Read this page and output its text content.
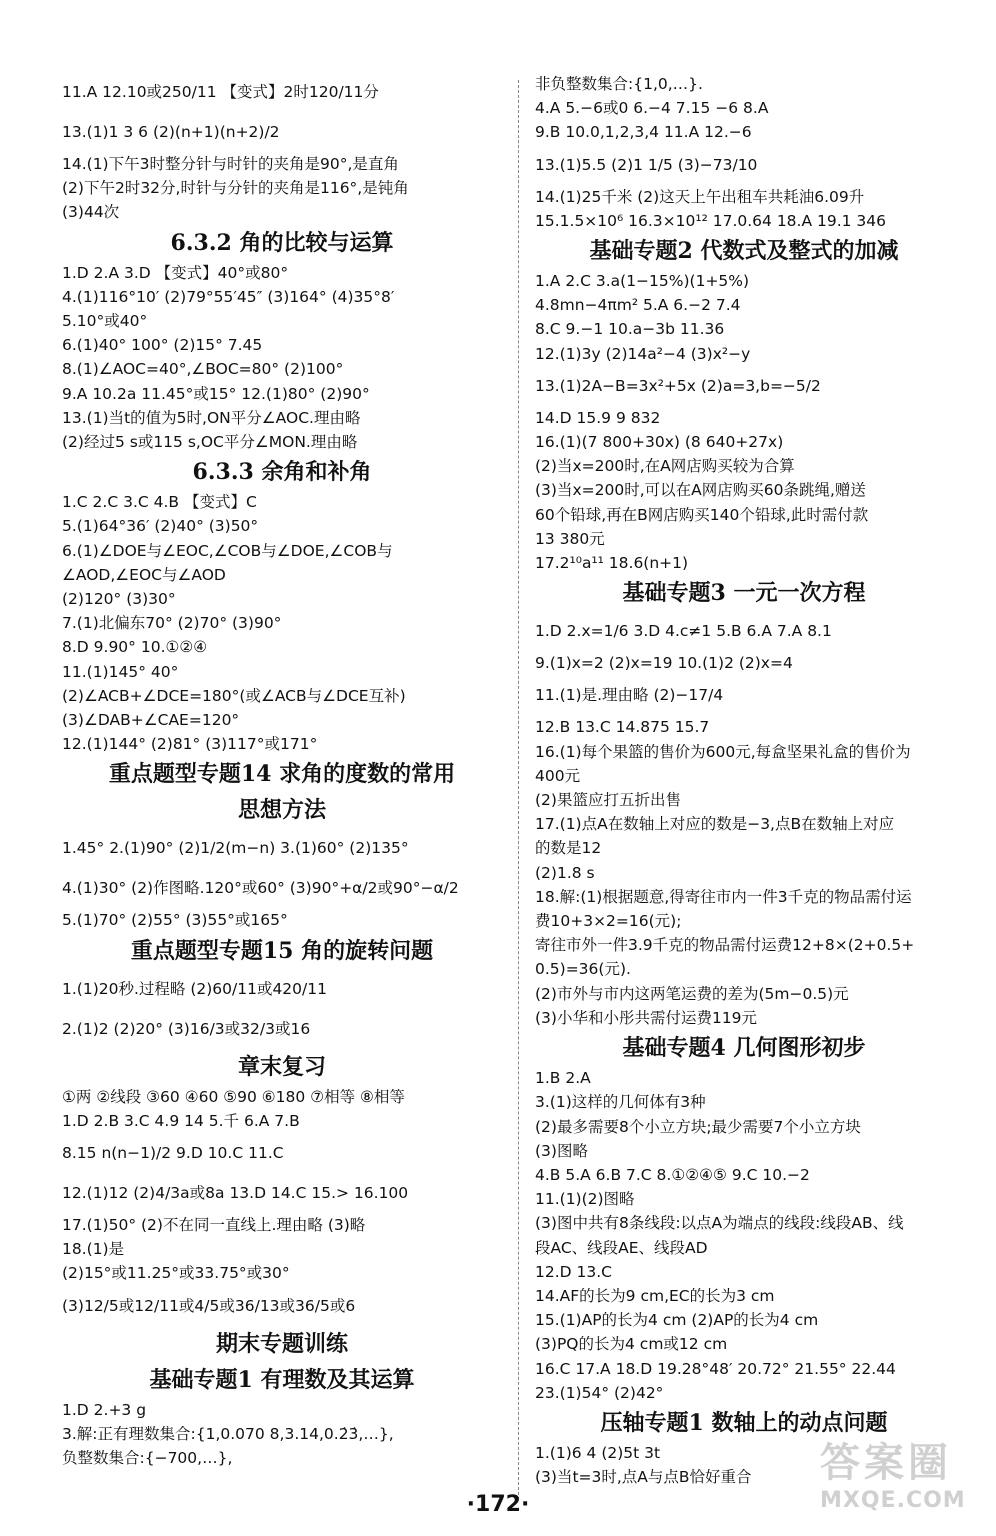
11.A 12.10或250/11 【变式】2时120/11分
13.(1)1 3 6 (2)(n+1)(n+2)/2
14.(1)下午3时整分针与时针的夹角是90°,是直角
(2)下午2时32分,时针与分针的夹角是116°,是钝角
(3)44次
6.3.2 角的比较与运算
1.D 2.A 3.D 【变式】40°或80°
4.(1)116°10′ (2)79°55′45″ (3)164° (4)35°8′
5.10°或40°
6.(1)40° 100° (2)15° 7.45
8.(1)∠AOC=40°,∠BOC=80° (2)100°
9.A 10.2a 11.45°或15° 12.(1)80° (2)90°
13.(1)当t的值为5时,ON平分∠AOC.理由略
(2)经过5 s或115 s,OC平分∠MON.理由略
6.3.3 余角和补角
1.C 2.C 3.C 4.B 【变式】C
5.(1)64°36′ (2)40° (3)50°
6.(1)∠DOE与∠EOC,∠COB与∠DOE,∠COB与
∠AOD,∠EOC与∠AOD
(2)120° (3)30°
7.(1)北偏东70° (2)70° (3)90°
8.D 9.90° 10.①②④
11.(1)145° 40°
(2)∠ACB+∠DCE=180°(或∠ACB与∠DCE互补)
(3)∠DAB+∠CAE=120°
12.(1)144° (2)81° (3)117°或171°
重点题型专题14 求角的度数的常用
思想方法
1.45° 2.(1)90° (2)1/2(m−n) 3.(1)60° (2)135°
4.(1)30° (2)作图略.120°或60° (3)90°+α/2或90°−α/2
5.(1)70° (2)55° (3)55°或165°
重点题型专题15 角的旋转问题
1.(1)20秒.过程略 (2)60/11或420/11
2.(1)2 (2)20° (3)16/3或32/3或16
章末复习
①两 ②线段 ③60 ④60 ⑤90 ⑥180 ⑦相等 ⑧相等
1.D 2.B 3.C 4.9 14 5.千 6.A 7.B
8.15 n(n−1)/2 9.D 10.C 11.C
12.(1)12 (2)4/3a或8a 13.D 14.C 15.> 16.100
17.(1)50° (2)不在同一直线上.理由略 (3)略
18.(1)是
(2)15°或11.25°或33.75°或30°
(3)12/5或12/11或4/5或36/13或36/5或6
期末专题训练
基础专题1 有理数及其运算
1.D 2.+3 g
3.解:正有理数集合:{1,0.070 8,3.14,0.2̇3̇,…},
负整数集合:{−700,…},
非负整数集合:{1,0,…}.
4.A 5.−6或0 6.−4 7.15 −6 8.A
9.B 10.0,1,2,3,4 11.A 12.−6
13.(1)5.5 (2)1 1/5 (3)−73/10
14.(1)25千米 (2)这天上午出租车共耗油6.09升
15.1.5×10⁶ 16.3×10¹² 17.0.64 18.A 19.1 346
基础专题2 代数式及整式的加减
1.A 2.C 3.a(1−15%)(1+5%)
4.8mn−4πm² 5.A 6.−2 7.4
8.C 9.−1 10.a−3b 11.36
12.(1)3y (2)14a²−4 (3)x²−y
13.(1)2A−B=3x²+5x (2)a=3,b=−5/2
14.D 15.9 9 832
16.(1)(7 800+30x) (8 640+27x)
(2)当x=200时,在A网店购买较为合算
(3)当x=200时,可以在A网店购买60条跳绳,赠送
60个铅球,再在B网店购买140个铅球,此时需付款
13 380元
17.2¹⁰a¹¹ 18.6(n+1)
基础专题3 一元一次方程
1.D 2.x=1/6 3.D 4.c≠1 5.B 6.A 7.A 8.1
9.(1)x=2 (2)x=19 10.(1)2 (2)x=4
11.(1)是.理由略 (2)−17/4
12.B 13.C 14.875 15.7
16.(1)每个果篮的售价为600元,每盒坚果礼盒的售价为
400元
(2)果篮应打五折出售
17.(1)点A在数轴上对应的数是−3,点B在数轴上对应
的数是12
(2)1.8 s
18.解:(1)根据题意,得寄往市内一件3千克的物品需付运
费10+3×2=16(元);
寄往市外一件3.9千克的物品需付运费12+8×(2+0.5+
0.5)=36(元).
(2)市外与市内这两笔运费的差为(5m−0.5)元
(3)小华和小彤共需付运费119元
基础专题4 几何图形初步
1.B 2.A
3.(1)这样的几何体有3种
(2)最多需要8个小立方块;最少需要7个小立方块
(3)图略
4.B 5.A 6.B 7.C 8.①②④⑤ 9.C 10.−2
11.(1)(2)图略
(3)图中共有8条线段:以点A为端点的线段:线段AB、线
段AC、线段AE、线段AD
12.D 13.C
14.AF的长为9 cm,EC的长为3 cm
15.(1)AP的长为4 cm (2)AP的长为4 cm
(3)PQ的长为4 cm或12 cm
16.C 17.A 18.D 19.28°48′ 20.72° 21.55° 22.44
23.(1)54° (2)42°
压轴专题1 数轴上的动点问题
1.(1)6 4 (2)5t 3t
(3)当t=3时,点A与点B恰好重合
·172·
答案圈
MXQE.COM
